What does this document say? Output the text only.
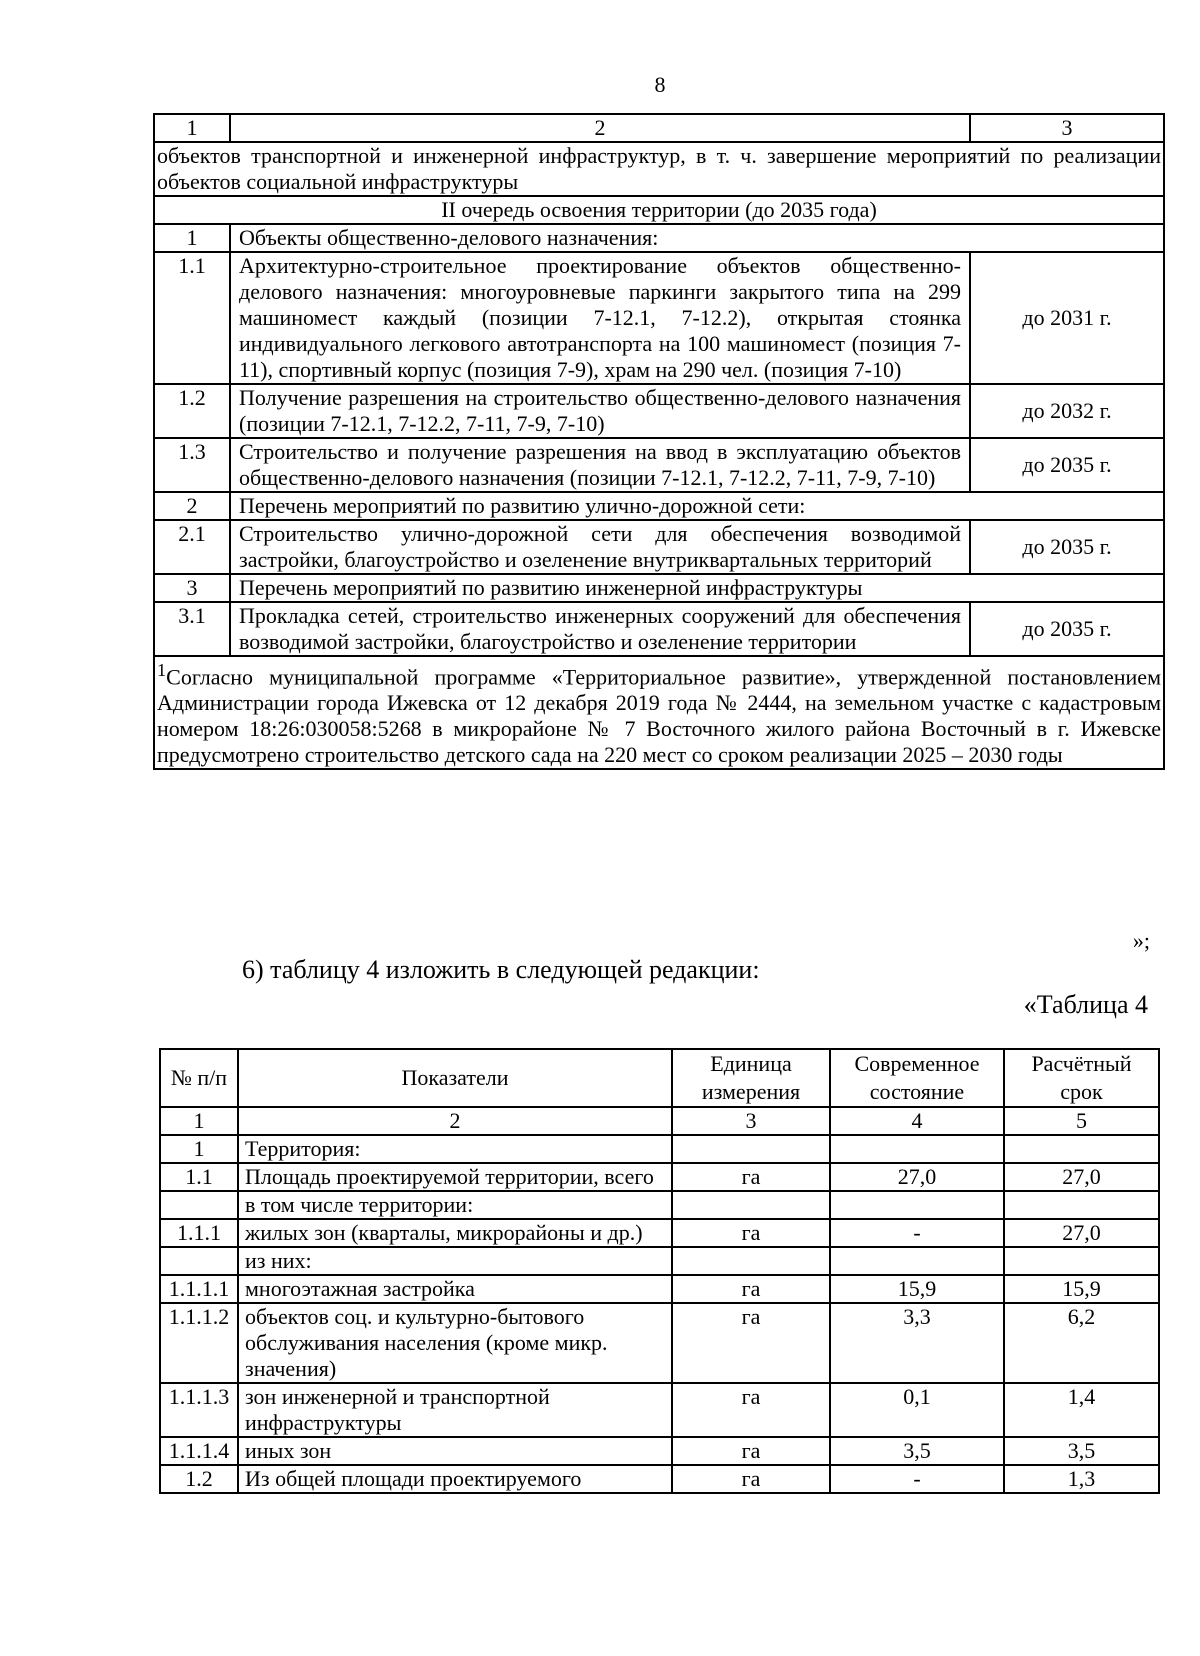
8
1	2	3
объектов транспортной и инженерной инфраструктур, в т. ч. завершение мероприятий по реализации объектов социальной инфраструктуры		
II очередь освоения территории (до 2035 года)		
1	Объекты общественно-делового назначения:	
1.1	Архитектурно-строительное проектирование объектов общественно-делового назначения: многоуровневые паркинги закрытого типа на 299 машиномест каждый (позиции 7-12.1, 7-12.2), открытая стоянка индивидуального легкового автотранспорта на 100 машиномест (позиция 7-11), спортивный корпус (позиция 7-9), храм на 290 чел. (позиция 7-10)	до 2031 г.
1.2	Получение разрешения на строительство общественно-делового назначения (позиции 7-12.1, 7-12.2, 7-11, 7-9, 7-10)	до 2032 г.
1.3	Строительство и получение разрешения на ввод в эксплуатацию объектов общественно-делового назначения (позиции 7-12.1, 7-12.2, 7-11, 7-9, 7-10)	до 2035 г.
2	Перечень мероприятий по развитию улично-дорожной сети:	
2.1	Строительство улично-дорожной сети для обеспечения возводимой застройки, благоустройство и озеленение внутриквартальных территорий	до 2035 г.
3	Перечень мероприятий по развитию инженерной инфраструктуры	
3.1	Прокладка сетей, строительство инженерных сооружений для обеспечения возводимой застройки, благоустройство и озеленение территории	до 2035 г.
$^1$Согласно муниципальной программе «Территориальное развитие», утвержденной постановлением Администрации города Ижевска от 12 декабря 2019 года № 2444, на земельном участке с кадастровым номером 18:26:030058:5268 в микрорайоне № 7 Восточного жилого района Восточный в г. Ижевске предусмотрено строительство детского сада на 220 мест со сроком реализации 2025 – 2030 годы		
»;
6) таблицу 4 изложить в следующей редакции:
«Таблица 4
№ п/п	Показатели	Единица измерения	Современное состояние	Расчётный срок
1	2	3	4	5
1	Территория:			
1.1	Площадь проектируемой территории, всего	га	27,0	27,0
	в том числе территории:			
1.1.1	жилых зон (кварталы, микрорайоны и др.)	га	-	27,0
	из них:			
1.1.1.1	многоэтажная застройка	га	15,9	15,9
1.1.1.2	объектов соц. и культурно-бытового обслуживания населения (кроме микр. значения)	га	3,3	6,2
1.1.1.3	зон инженерной и транспортной инфраструктуры	га	0,1	1,4
1.1.1.4	иных зон	га	3,5	3,5
1.2	Из общей площади проектируемого	га	-	1,3
